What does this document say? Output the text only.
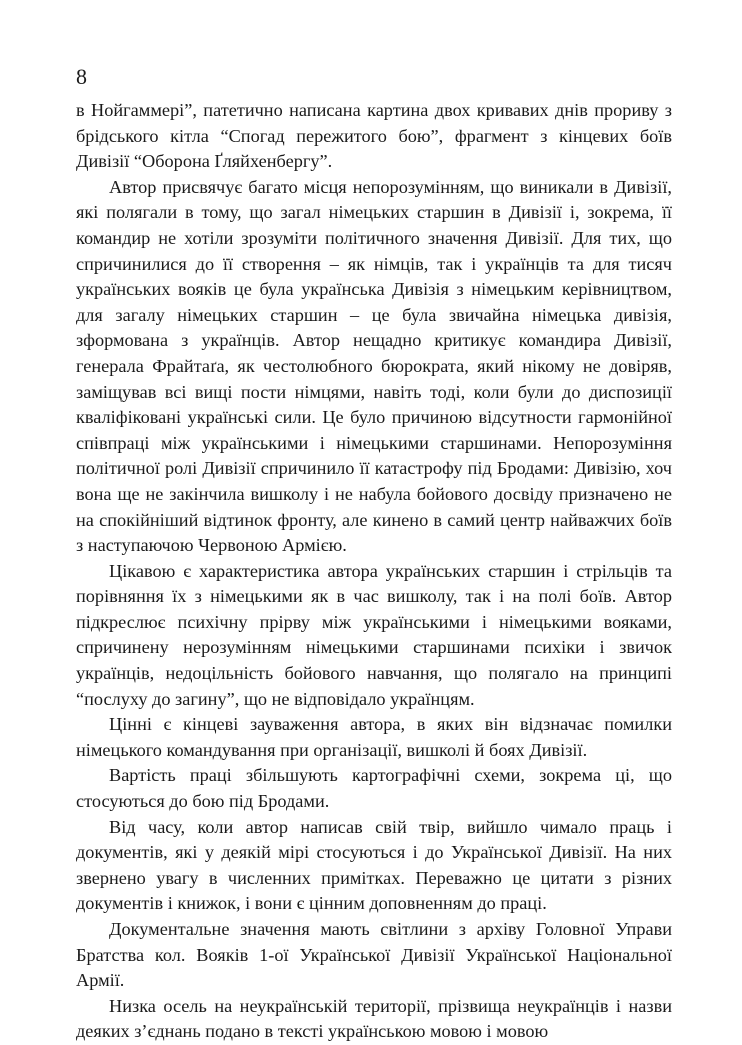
8

в Нойгаммері”, патетично написана картина двох кривавих днів прориву з брідського кітла “Спогад пережитого бою”, фрагмент з кінцевих боїв Дивізії “Оборона Ґляйхенбергу”.

Автор присвячує багато місця непорозумінням, що виникали в Дивізії, які полягали в тому, що загал німецьких старшин в Дивізії і, зокрема, її командир не хотіли зрозуміти політичного значення Дивізії. Для тих, що спричинилися до її створення – як німців, так і українців та для тисяч українських вояків це була українська Дивізія з німецьким керівництвом, для загалу німецьких старшин – це була звичайна німецька дивізія, зформована з українців. Автор нещадно критикує командира Дивізії, генерала Фрайтаґа, як честолюбного бюрократа, який нікому не довіряв, заміщував всі вищі пости німцями, навіть тоді, коли були до диспозиції кваліфіковані українські сили. Це було причиною відсутности гармонійної співпраці між українськими і німецькими старшинами. Непорозуміння політичної ролі Дивізії спричинило її катастрофу під Бродами: Дивізію, хоч вона ще не закінчила вишколу і не набула бойового досвіду призначено не на спокійніший відтинок фронту, але кинено в самий центр найважчих боїв з наступаючою Червоною Армією.

Цікавою є характеристика автора українських старшин і стрільців та порівняння їх з німецькими як в час вишколу, так і на полі боїв. Автор підкреслює психічну прірву між українськими і німецькими вояками, спричинену нерозумінням німецькими старшинами психіки і звичок українців, недоцільність бойового навчання, що полягало на принципі “послуху до загину”, що не відповідало українцям.

Цінні є кінцеві зауваження автора, в яких він відзначає помилки німецького командування при організації, вишколі й боях Дивізії.

Вартість праці збільшують картографічні схеми, зокрема ці, що стосуються до бою під Бродами.

Від часу, коли автор написав свій твір, вийшло чимало праць і документів, які у деякій мірі стосуються і до Української Дивізії. На них звернено увагу в численних примітках. Переважно це цитати з різних документів і книжок, і вони є цінним доповненням до праці.

Документальне значення мають світлини з архіву Головної Управи Братства кол. Вояків 1-ої Української Дивізії Української Національної Армії.

Низка осель на неукраїнській території, прізвища неукраїнців і назви деяких з’єднань подано в тексті українською мовою і мовою
